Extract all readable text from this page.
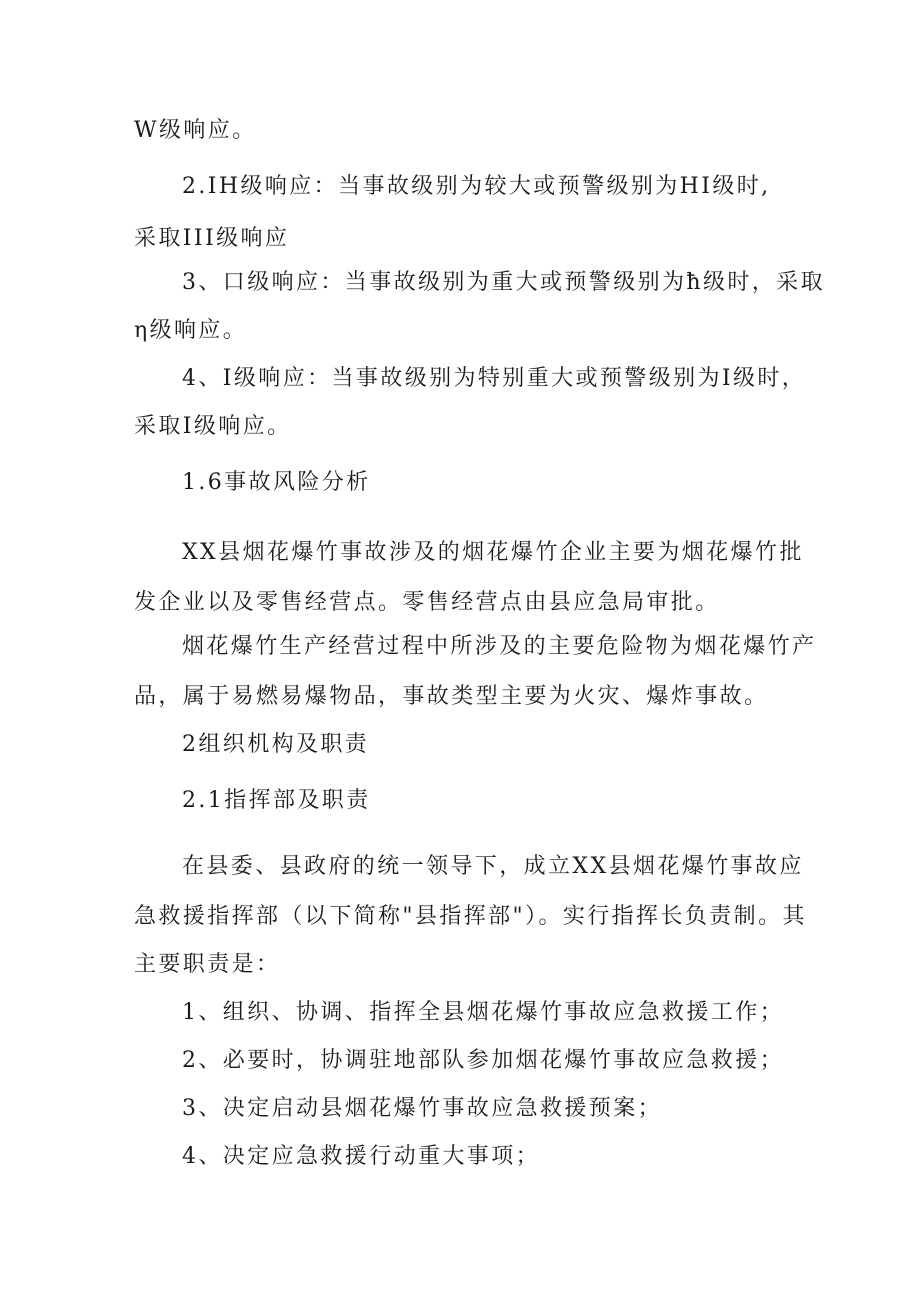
W级响应。
2.IH级响应：当事故级别为较大或预警级别为HI级时,
采取III级响应
3、口级响应：当事故级别为重大或预警级别为ħ级时，采取
η级响应。
4、I级响应：当事故级别为特别重大或预警级别为I级时，
采取I级响应。
1.6事故风险分析
XX县烟花爆竹事故涉及的烟花爆竹企业主要为烟花爆竹批
发企业以及零售经营点。零售经营点由县应急局审批。
烟花爆竹生产经营过程中所涉及的主要危险物为烟花爆竹产
品，属于易燃易爆物品，事故类型主要为火灾、爆炸事故。
2组织机构及职责
2.1指挥部及职责
在县委、县政府的统一领导下，成立XX县烟花爆竹事故应
急救援指挥部（以下简称"县指挥部"）。实行指挥长负责制。其
主要职责是：
1、组织、协调、指挥全县烟花爆竹事故应急救援工作；
2、必要时，协调驻地部队参加烟花爆竹事故应急救援；
3、决定启动县烟花爆竹事故应急救援预案；
4、决定应急救援行动重大事项；
